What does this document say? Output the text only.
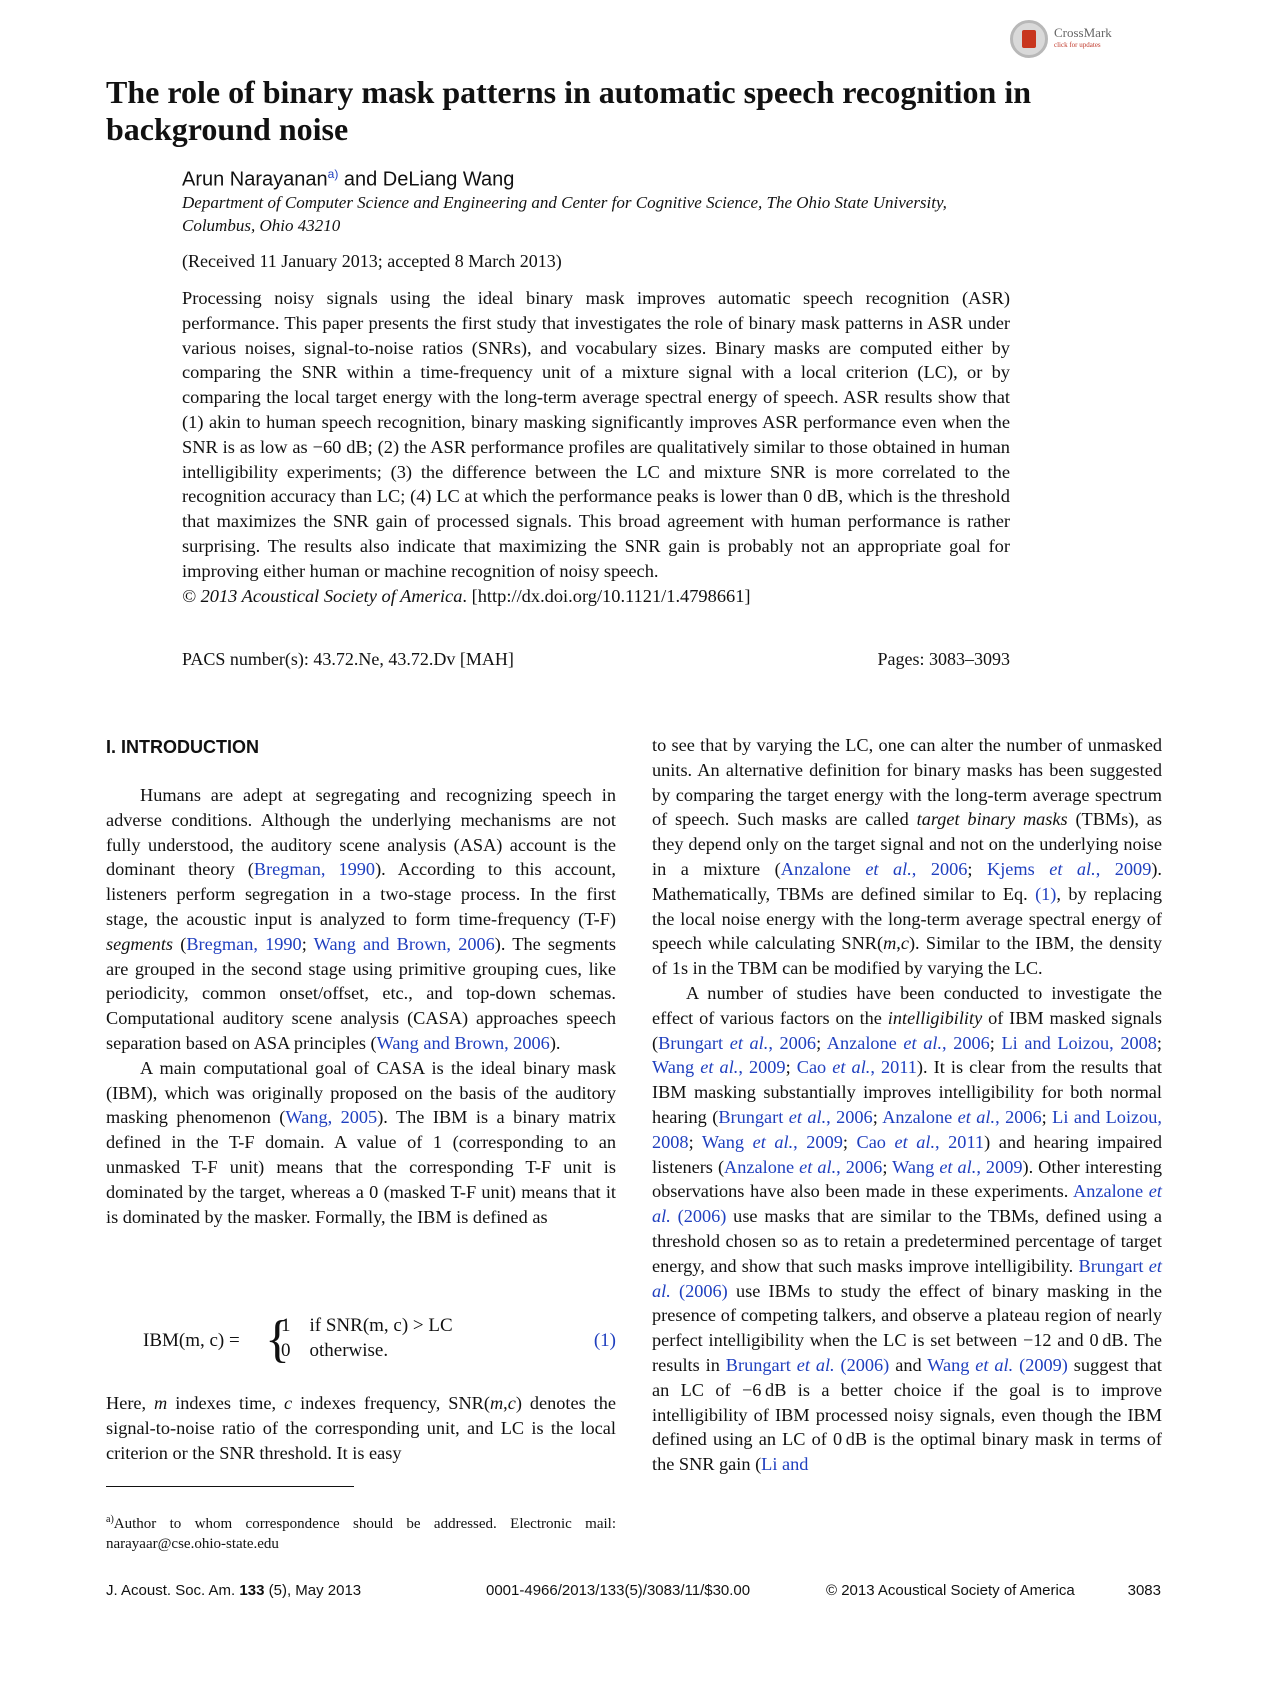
CrossMark
click for updates
The role of binary mask patterns in automatic speech recognition in background noise
Arun Narayanan$^{a)}$ and DeLiang Wang
Department of Computer Science and Engineering and Center for Cognitive Science, The Ohio State University, Columbus, Ohio 43210
(Received 11 January 2013; accepted 8 March 2013)
Processing noisy signals using the ideal binary mask improves automatic speech recognition (ASR) performance. This paper presents the first study that investigates the role of binary mask patterns in ASR under various noises, signal-to-noise ratios (SNRs), and vocabulary sizes. Binary masks are computed either by comparing the SNR within a time-frequency unit of a mixture signal with a local criterion (LC), or by comparing the local target energy with the long-term average spectral energy of speech. ASR results show that (1) akin to human speech recognition, binary masking significantly improves ASR performance even when the SNR is as low as −60 dB; (2) the ASR performance profiles are qualitatively similar to those obtained in human intelligibility experiments; (3) the difference between the LC and mixture SNR is more correlated to the recognition accuracy than LC; (4) LC at which the performance peaks is lower than 0 dB, which is the threshold that maximizes the SNR gain of processed signals. This broad agreement with human performance is rather surprising. The results also indicate that maximizing the SNR gain is probably not an appropriate goal for improving either human or machine recognition of noisy speech.
© 2013 Acoustical Society of America. [http://dx.doi.org/10.1121/1.4798661]
PACS number(s): 43.72.Ne, 43.72.Dv [MAH]	Pages: 3083–3093
I. INTRODUCTION

Humans are adept at segregating and recognizing speech in adverse conditions. Although the underlying mechanisms are not fully understood, the auditory scene analysis (ASA) account is the dominant theory (Bregman, 1990). According to this account, listeners perform segregation in a two-stage process. In the first stage, the acoustic input is analyzed to form time-frequency (T-F) segments (Bregman, 1990; Wang and Brown, 2006). The segments are grouped in the second stage using primitive grouping cues, like periodicity, common onset/offset, etc., and top-down schemas. Computational auditory scene analysis (CASA) approaches speech separation based on ASA principles (Wang and Brown, 2006).

A main computational goal of CASA is the ideal binary mask (IBM), which was originally proposed on the basis of the auditory masking phenomenon (Wang, 2005). The IBM is a binary matrix defined in the T-F domain. A value of 1 (corresponding to an unmasked T-F unit) means that the corresponding T-F unit is dominated by the target, whereas a 0 (masked T-F unit) means that it is dominated by the masker. Formally, the IBM is defined as

IBM(m, c) = {
1    if SNR(m, c) > LC
0    otherwise.	(1)

Here, m indexes time, c indexes frequency, SNR(m,c) denotes the signal-to-noise ratio of the corresponding unit, and LC is the local criterion or the SNR threshold. It is easy

$^{a)}$Author to whom correspondence should be addressed. Electronic mail: narayaar@cse.ohio-state.edu

to see that by varying the LC, one can alter the number of unmasked units. An alternative definition for binary masks has been suggested by comparing the target energy with the long-term average spectrum of speech. Such masks are called target binary masks (TBMs), as they depend only on the target signal and not on the underlying noise in a mixture (Anzalone et al., 2006; Kjems et al., 2009). Mathematically, TBMs are defined similar to Eq. (1), by replacing the local noise energy with the long-term average spectral energy of speech while calculating SNR(m,c). Similar to the IBM, the density of 1s in the TBM can be modified by varying the LC.

A number of studies have been conducted to investigate the effect of various factors on the intelligibility of IBM masked signals (Brungart et al., 2006; Anzalone et al., 2006; Li and Loizou, 2008; Wang et al., 2009; Cao et al., 2011). It is clear from the results that IBM masking substantially improves intelligibility for both normal hearing (Brungart et al., 2006; Anzalone et al., 2006; Li and Loizou, 2008; Wang et al., 2009; Cao et al., 2011) and hearing impaired listeners (Anzalone et al., 2006; Wang et al., 2009). Other interesting observations have also been made in these experiments. Anzalone et al. (2006) use masks that are similar to the TBMs, defined using a threshold chosen so as to retain a predetermined percentage of target energy, and show that such masks improve intelligibility. Brungart et al. (2006) use IBMs to study the effect of binary masking in the presence of competing talkers, and observe a plateau region of nearly perfect intelligibility when the LC is set between −12 and 0 dB. The results in Brungart et al. (2006) and Wang et al. (2009) suggest that an LC of −6 dB is a better choice if the goal is to improve intelligibility of IBM processed noisy signals, even though the IBM defined using an LC of 0 dB is the optimal binary mask in terms of the SNR gain (Li and

J. Acoust. Soc. Am. 133 (5), May 2013	0001-4966/2013/133(5)/3083/11/$30.00	© 2013 Acoustical Society of America	3083
